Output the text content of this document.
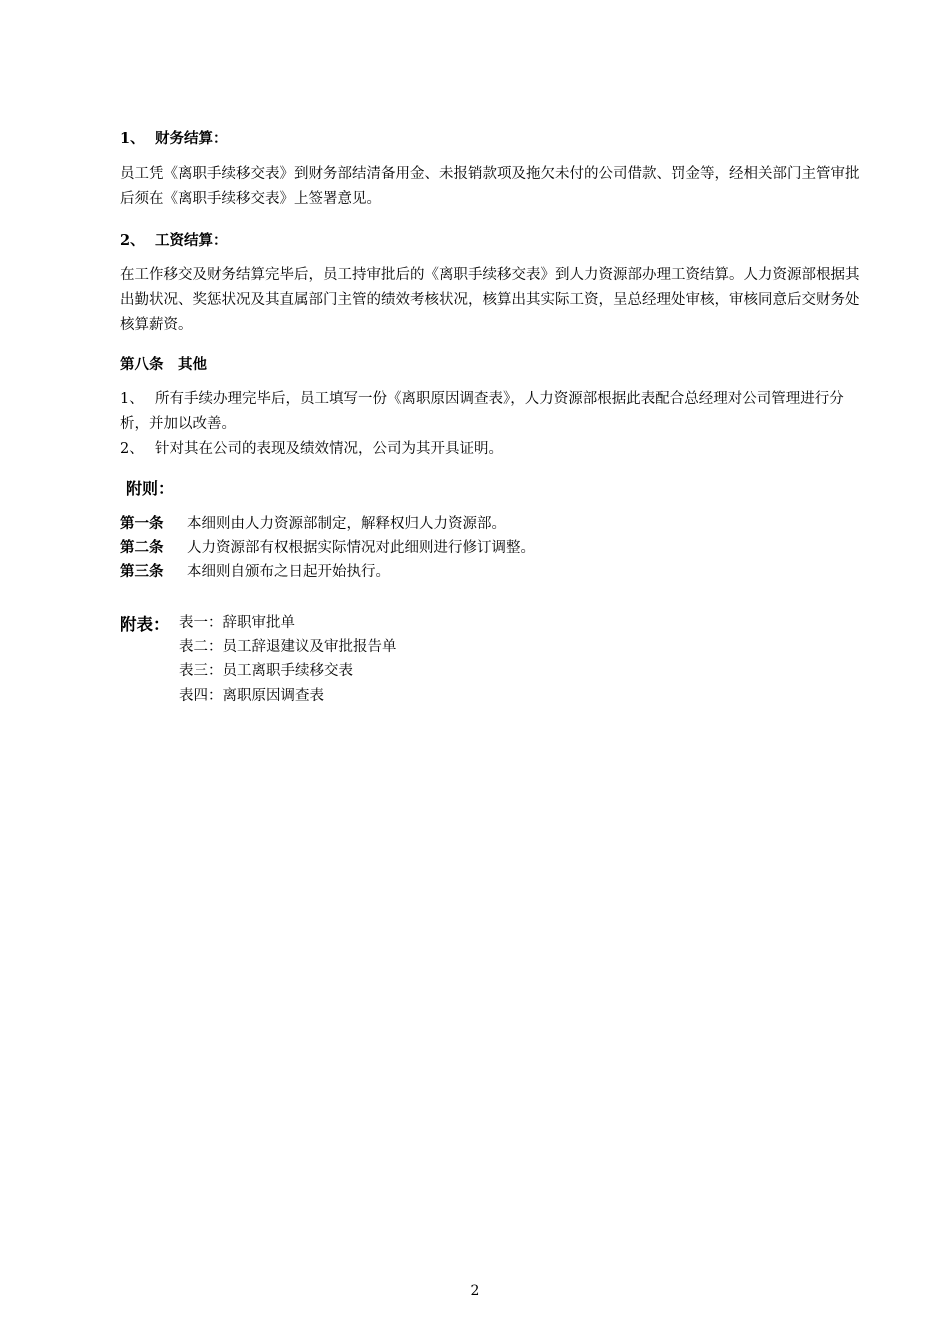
1、 财务结算：

员工凭《离职手续移交表》到财务部结清备用金、未报销款项及拖欠未付的公司借款、罚金等，经相关部门主管审批后须在《离职手续移交表》上签署意见。

2、 工资结算：

在工作移交及财务结算完毕后，员工持审批后的《离职手续移交表》到人力资源部办理工资结算。人力资源部根据其出勤状况、奖惩状况及其直属部门主管的绩效考核状况，核算出其实际工资，呈总经理处审核，审核同意后交财务处核算薪资。

第八条　其他
1、 所有手续办理完毕后，员工填写一份《离职原因调查表》，人力资源部根据此表配合总经理对公司管理进行分析，并加以改善。
2、 针对其在公司的表现及绩效情况，公司为其开具证明。
附则：
第一条 本细则由人力资源部制定，解释权归人力资源部。
第二条 人力资源部有权根据实际情况对此细则进行修订调整。
第三条 本细则自颁布之日起开始执行。
附表： 表一：辞职审批单
表二：员工辞退建议及审批报告单
表三：员工离职手续移交表
表四：离职原因调查表
2
